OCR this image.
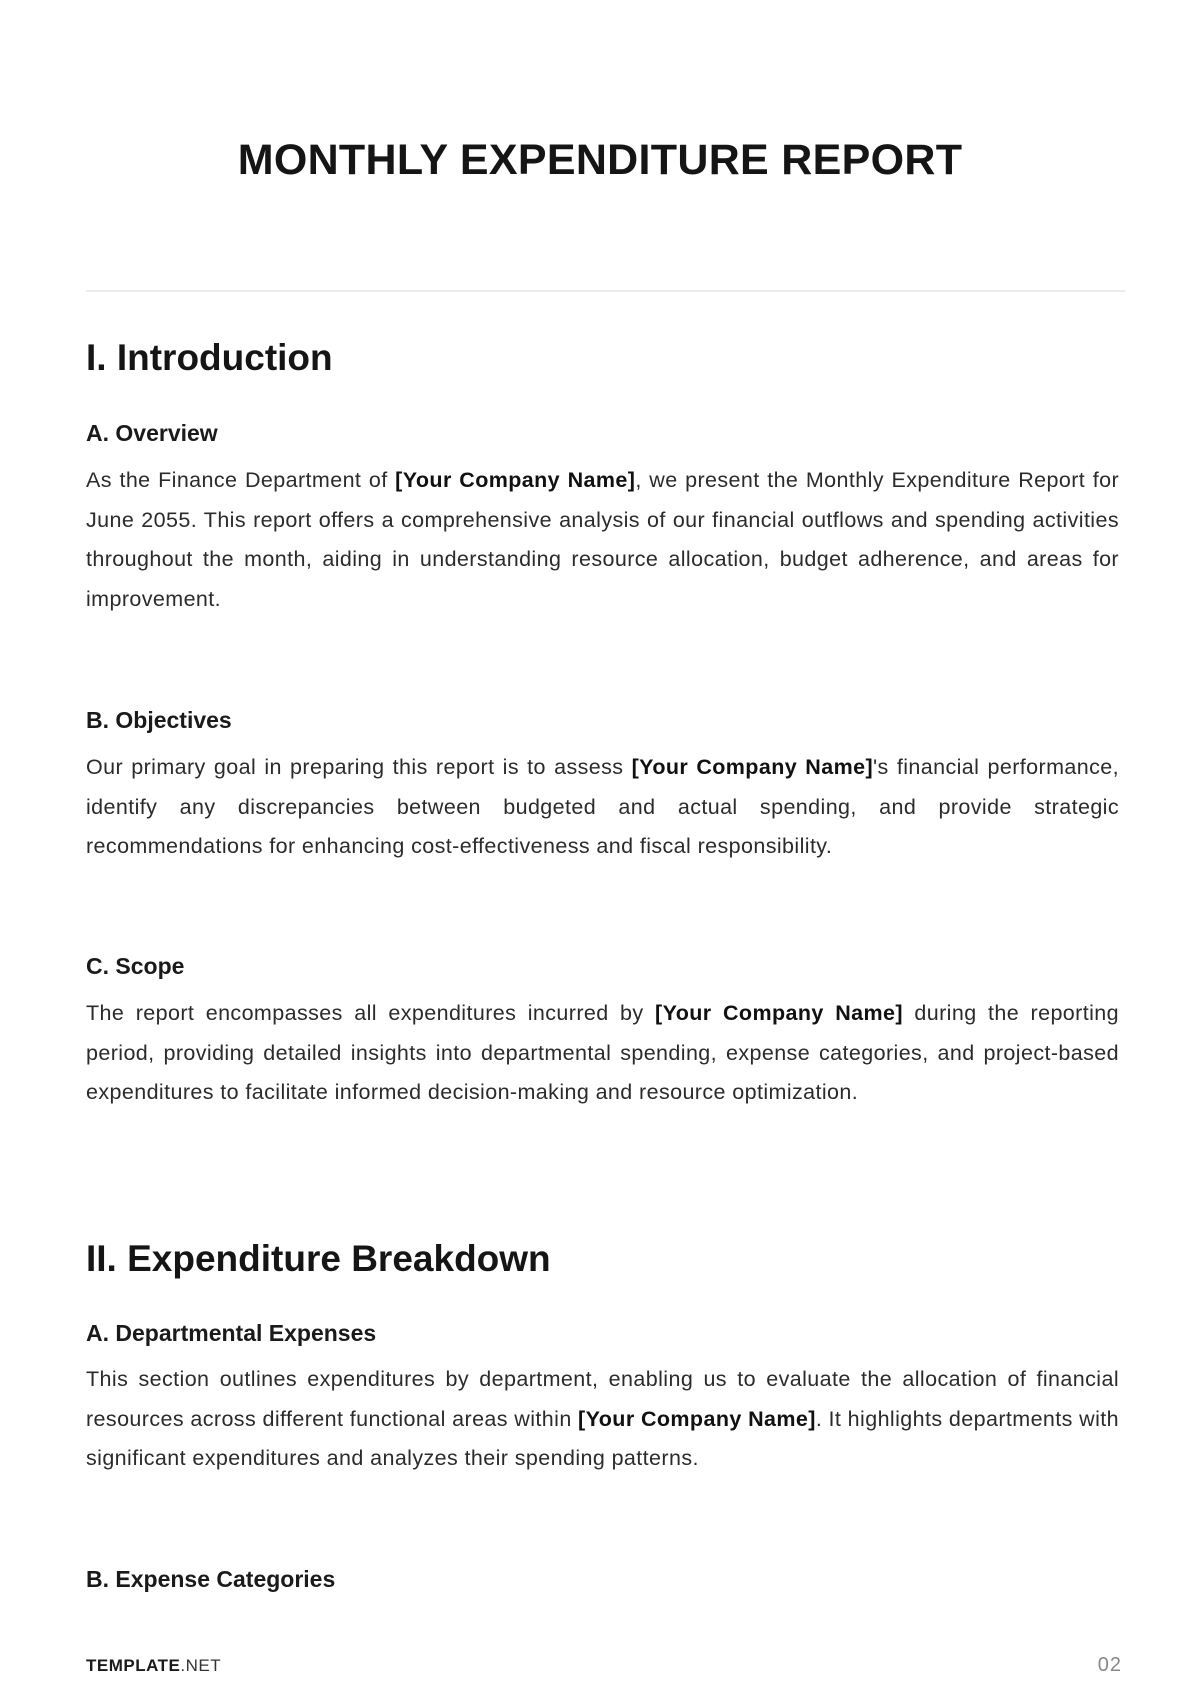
MONTHLY EXPENDITURE REPORT
I. Introduction
A. Overview

As the Finance Department of [Your Company Name], we present the Monthly Expenditure Report for June 2055. This report offers a comprehensive analysis of our financial outflows and spending activities throughout the month, aiding in understanding resource allocation, budget adherence, and areas for improvement.

B. Objectives

Our primary goal in preparing this report is to assess [Your Company Name]'s financial performance, identify any discrepancies between budgeted and actual spending, and provide strategic recommendations for enhancing cost-effectiveness and fiscal responsibility.

C. Scope

The report encompasses all expenditures incurred by [Your Company Name] during the reporting period, providing detailed insights into departmental spending, expense categories, and project-based expenditures to facilitate informed decision-making and resource optimization.

II. Expenditure Breakdown
A. Departmental Expenses

This section outlines expenditures by department, enabling us to evaluate the allocation of financial resources across different functional areas within [Your Company Name]. It highlights departments with significant expenditures and analyzes their spending patterns.

B. Expense Categories
TEMPLATE.NET	02
